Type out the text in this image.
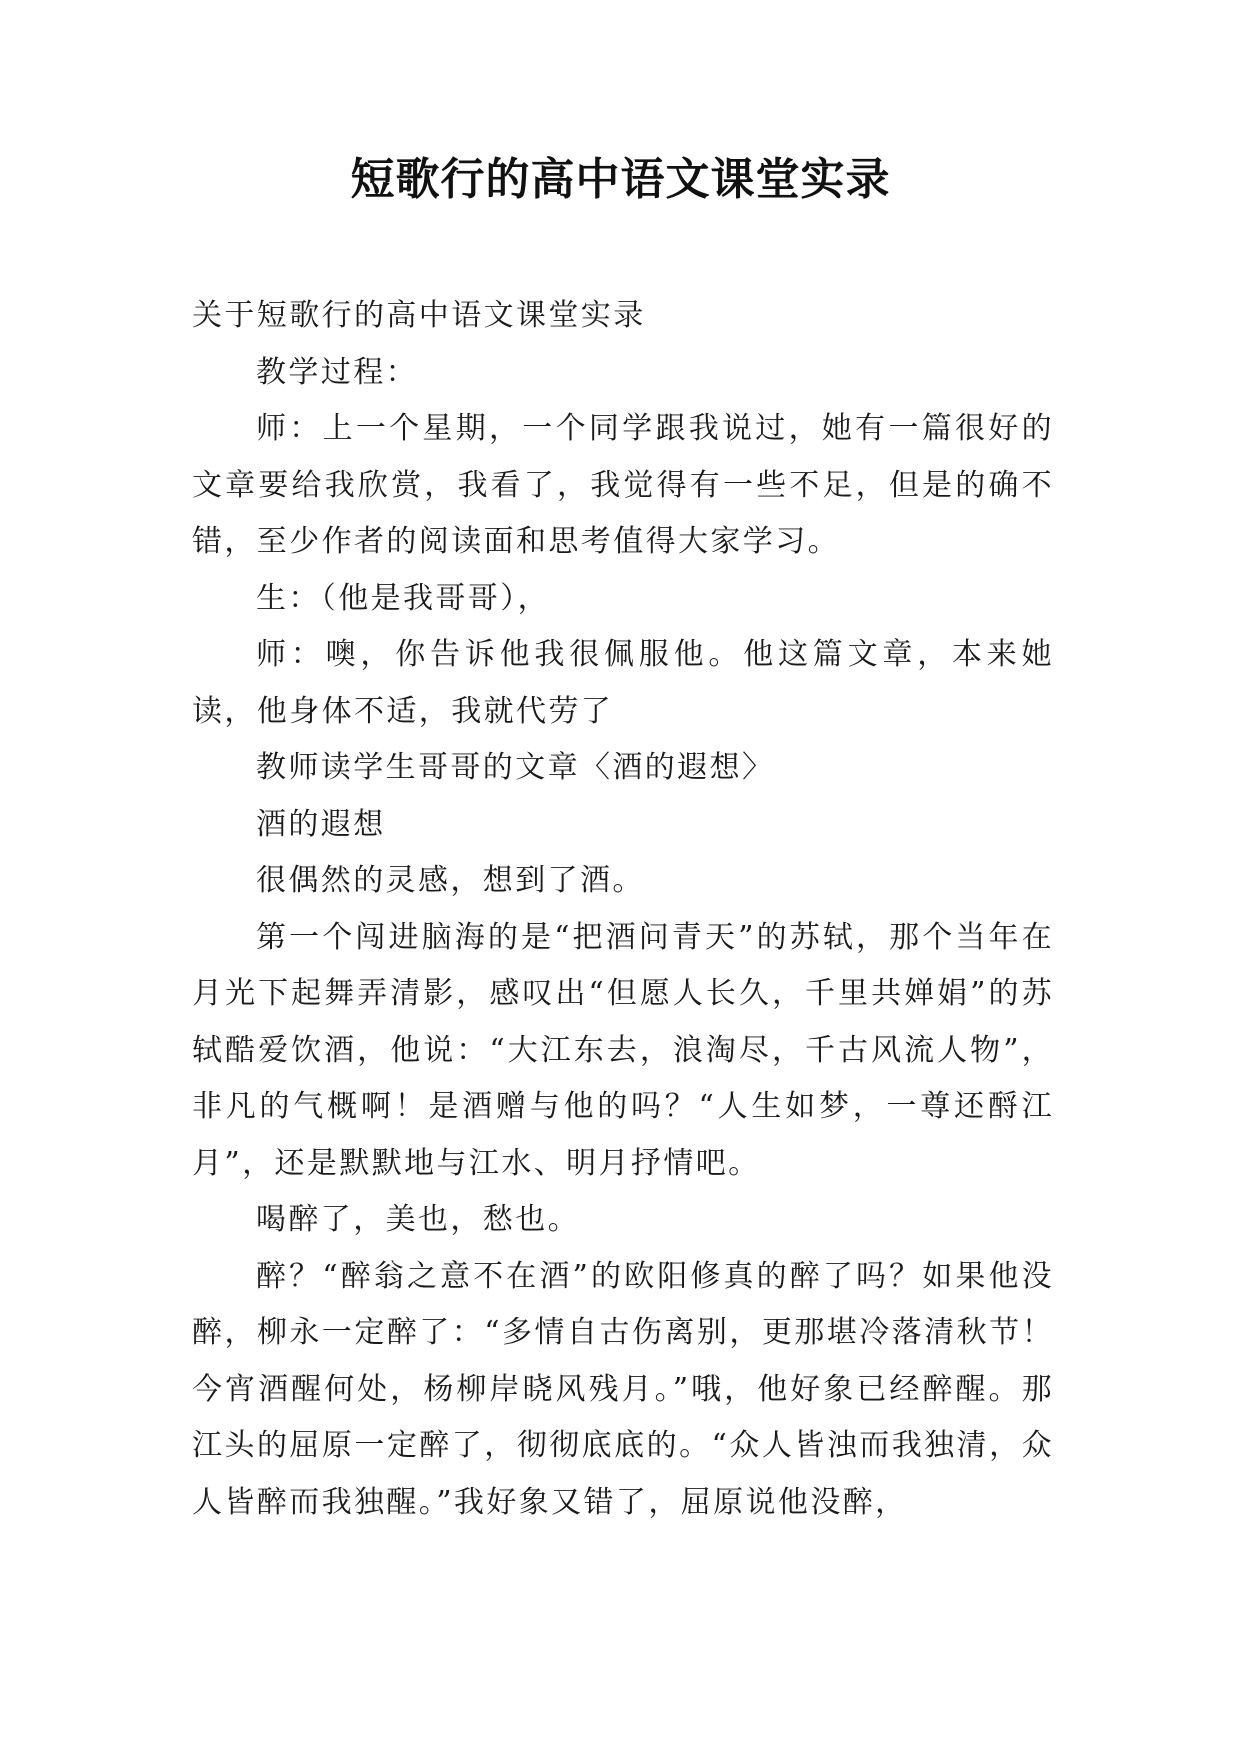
短歌行的高中语文课堂实录

关于短歌行的高中语文课堂实录

教学过程：

师：上一个星期，一个同学跟我说过，她有一篇很好的文章要给我欣赏，我看了，我觉得有一些不足，但是的确不错，至少作者的阅读面和思考值得大家学习。

生：（他是我哥哥），

师：噢，你告诉他我很佩服他。他这篇文章，本来她读，他身体不适，我就代劳了

教师读学生哥哥的文章〈酒的遐想〉

酒的遐想

很偶然的灵感，想到了酒。

第一个闯进脑海的是“把酒问青天”的苏轼，那个当年在月光下起舞弄清影，感叹出“但愿人长久，千里共婵娟”的苏轼酷爱饮酒，他说：“大江东去，浪淘尽，千古风流人物”，非凡的气概啊！是酒赠与他的吗？“人生如梦，一尊还酹江月”，还是默默地与江水、明月抒情吧。

喝醉了，美也，愁也。

醉？“醉翁之意不在酒”的欧阳修真的醉了吗？如果他没醉，柳永一定醉了：“多情自古伤离别，更那堪冷落清秋节！今宵酒醒何处，杨柳岸晓风残月。”哦，他好象已经醉醒。那江头的屈原一定醉了，彻彻底底的。“众人皆浊而我独清，众人皆醉而我独醒。”我好象又错了，屈原说他没醉，
